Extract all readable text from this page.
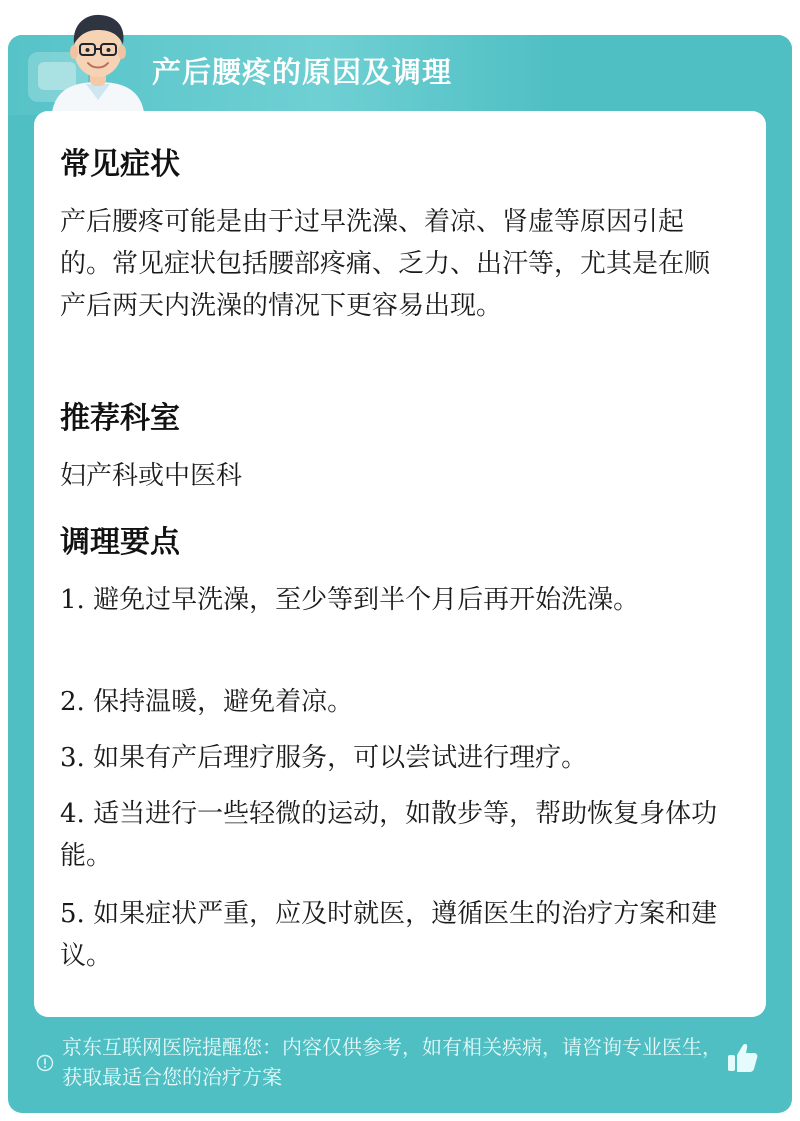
产后腰疼的原因及调理
常见症状
产后腰疼可能是由于过早洗澡、着凉、肾虚等原因引起的。常见症状包括腰部疼痛、乏力、出汗等，尤其是在顺产后两天内洗澡的情况下更容易出现。
推荐科室
妇产科或中医科
调理要点
1. 避免过早洗澡，至少等到半个月后再开始洗澡。
2. 保持温暖，避免着凉。
3. 如果有产后理疗服务，可以尝试进行理疗。
4. 适当进行一些轻微的运动，如散步等，帮助恢复身体功能。
5. 如果症状严重，应及时就医，遵循医生的治疗方案和建议。
京东互联网医院提醒您：内容仅供参考，如有相关疾病，请咨询专业医生，获取最适合您的治疗方案
